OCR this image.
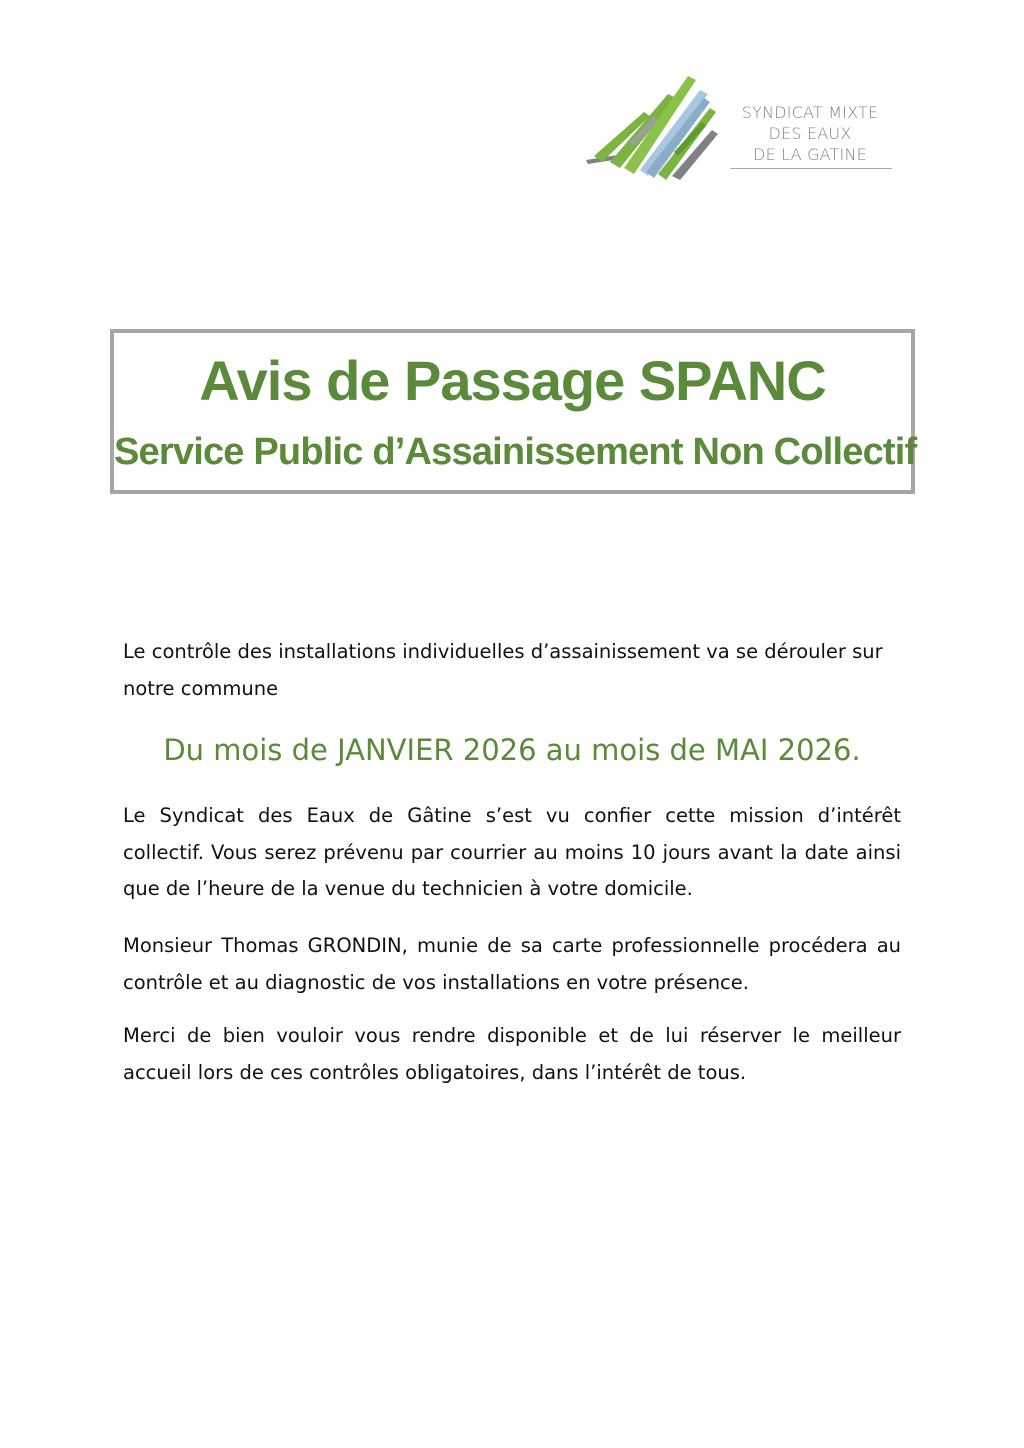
SYNDICAT MIXTE
DES EAUX
DE LA GATINE
Avis de Passage SPANC
Service Public d’Assainissement Non Collectif

Le contrôle des installations individuelles d’assainissement va se dérouler sur notre commune

Du mois de JANVIER 2026 au mois de MAI 2026.

Le Syndicat des Eaux de Gâtine s’est vu confier cette mission d’intérêt collectif. Vous serez prévenu par courrier au moins 10 jours avant la date ainsi que de l’heure de la venue du technicien à votre domicile.

Monsieur Thomas GRONDIN, munie de sa carte professionnelle procédera au contrôle et au diagnostic de vos installations en votre présence.

Merci de bien vouloir vous rendre disponible et de lui réserver le meilleur accueil lors de ces contrôles obligatoires, dans l’intérêt de tous.
